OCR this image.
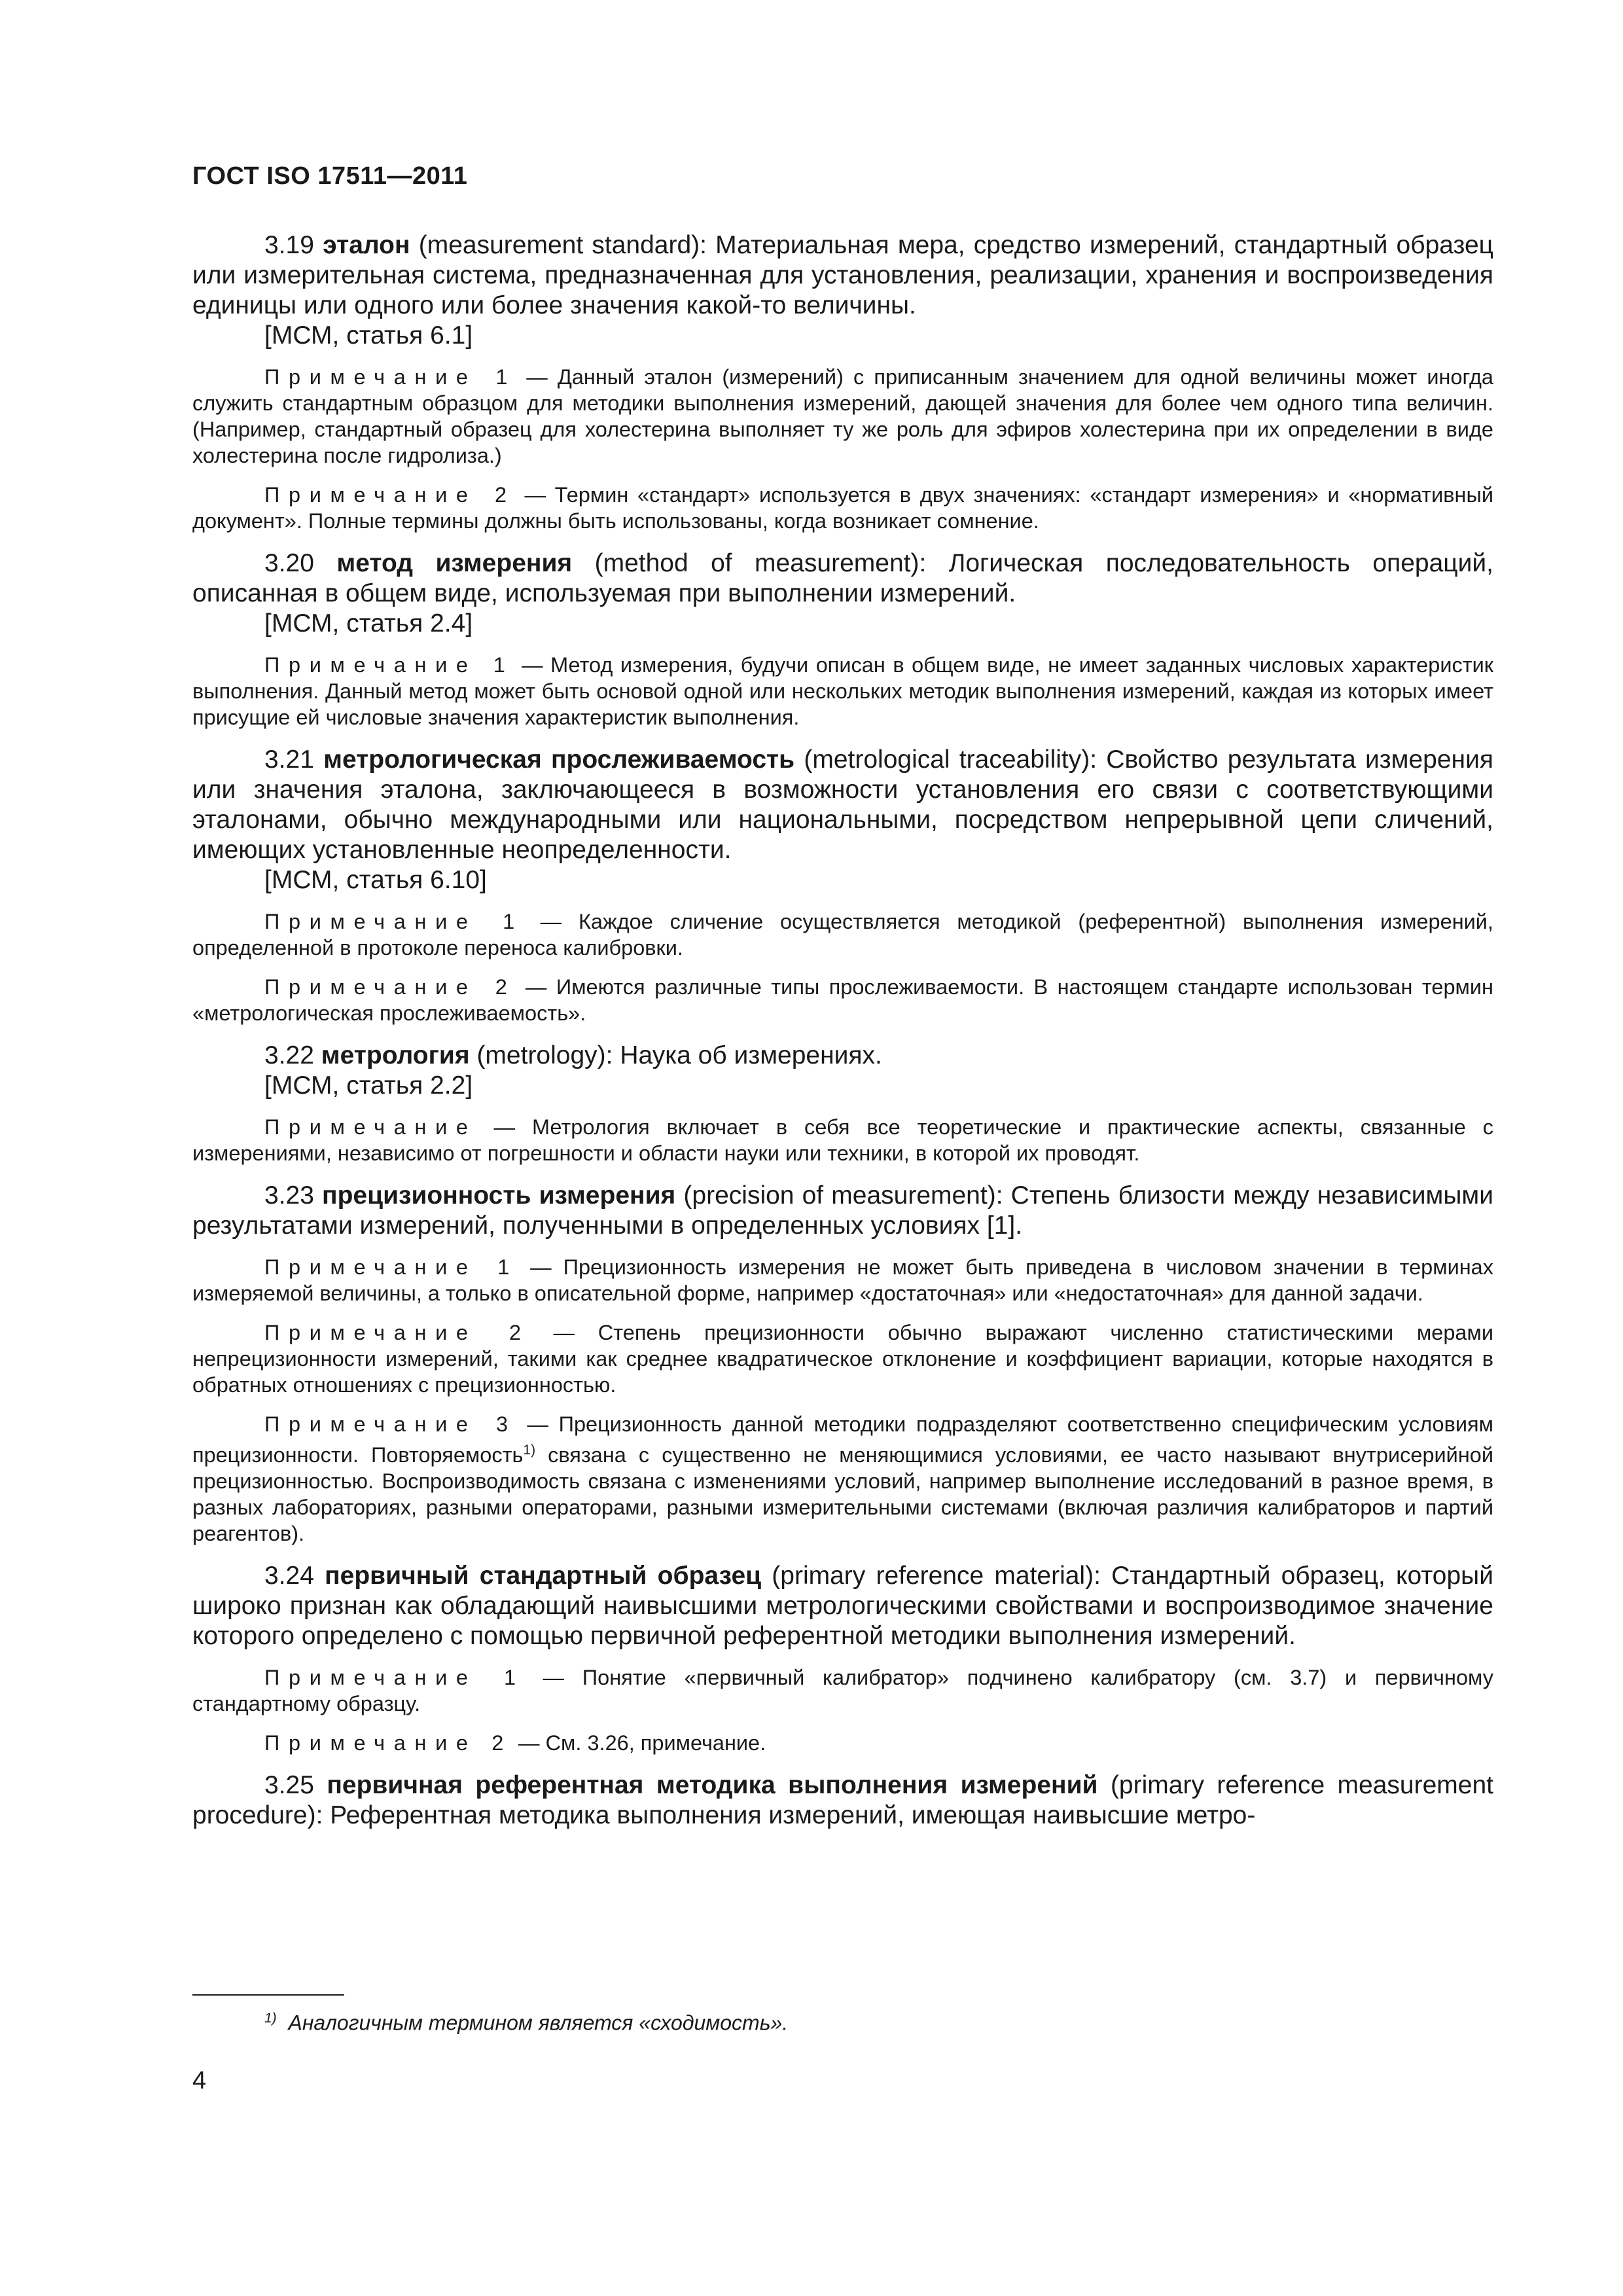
ГОСТ ISO 17511—2011

3.19 эталон (measurement standard): Материальная мера, средство измерений, стандартный образец или измерительная система, предназначенная для установления, реализации, хранения и воспроизведения единицы или одного или более значения какой-то величины.

[МСМ, статья 6.1]

Примечание 1 — Данный эталон (измерений) с приписанным значением для одной величины может иногда служить стандартным образцом для методики выполнения измерений, дающей значения для более чем одного типа величин. (Например, стандартный образец для холестерина выполняет ту же роль для эфиров холестерина при их определении в виде холестерина после гидролиза.)

Примечание 2 — Термин «стандарт» используется в двух значениях: «стандарт измерения» и «нормативный документ». Полные термины должны быть использованы, когда возникает сомнение.

3.20 метод измерения (method of measurement): Логическая последовательность операций, описанная в общем виде, используемая при выполнении измерений.

[МСМ, статья 2.4]

Примечание 1 — Метод измерения, будучи описан в общем виде, не имеет заданных числовых характеристик выполнения. Данный метод может быть основой одной или нескольких методик выполнения измерений, каждая из которых имеет присущие ей числовые значения характеристик выполнения.

3.21 метрологическая прослеживаемость (metrological traceability): Свойство результата измерения или значения эталона, заключающееся в возможности установления его связи с соответствующими эталонами, обычно международными или национальными, посредством непрерывной цепи сличений, имеющих установленные неопределенности.

[МСМ, статья 6.10]

Примечание 1 — Каждое сличение осуществляется методикой (референтной) выполнения измерений, определенной в протоколе переноса калибровки.

Примечание 2 — Имеются различные типы прослеживаемости. В настоящем стандарте использован термин «метрологическая прослеживаемость».

3.22 метрология (metrology): Наука об измерениях.

[МСМ, статья 2.2]

Примечание — Метрология включает в себя все теоретические и практические аспекты, связанные с измерениями, независимо от погрешности и области науки или техники, в которой их проводят.

3.23 прецизионность измерения (precision of measurement): Степень близости между независимыми результатами измерений, полученными в определенных условиях [1].

Примечание 1 — Прецизионность измерения не может быть приведена в числовом значении в терминах измеряемой величины, а только в описательной форме, например «достаточная» или «недостаточная» для данной задачи.

Примечание 2 — Степень прецизионности обычно выражают численно статистическими мерами непрецизионности измерений, такими как среднее квадратическое отклонение и коэффициент вариации, которые находятся в обратных отношениях с прецизионностью.

Примечание 3 — Прецизионность данной методики подразделяют соответственно специфическим условиям прецизионности. Повторяемость$^{1)}$ связана с существенно не меняющимися условиями, ее часто называют внутрисерийной прецизионностью. Воспроизводимость связана с изменениями условий, например выполнение исследований в разное время, в разных лабораториях, разными операторами, разными измерительными системами (включая различия калибраторов и партий реагентов).

3.24 первичный стандартный образец (primary reference material): Стандартный образец, который широко признан как обладающий наивысшими метрологическими свойствами и воспроизводимое значение которого определено с помощью первичной референтной методики выполнения измерений.

Примечание 1 — Понятие «первичный калибратор» подчинено калибратору (см. 3.7) и первичному стандартному образцу.

Примечание 2 — См. 3.26, примечание.

3.25 первичная референтная методика выполнения измерений (primary reference measurement procedure): Референтная методика выполнения измерений, имеющая наивысшие метро-

$^{1)}$ Аналогичным термином является «сходимость».
4
